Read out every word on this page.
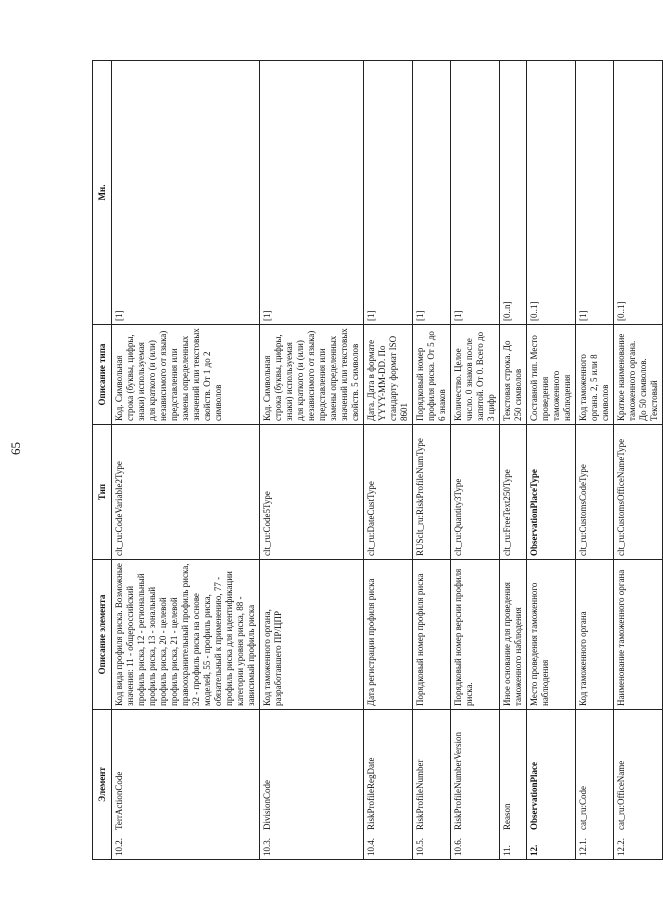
65
Элемент	Описание элемента	Тип	Описание типа	Мн.
10.2.TerrActionCode	Код вида профиля риска. Возможные значения: 11 - общероссийский профиль риска, 12 - региональный профиль риска, 13 - зональный профиль риска, 20 - целевой профиль риска, 21 - целевой правоохранительный профиль риска, 32 - профиль риска на основе моделей, 55 - профиль риска, обязательный к применению, 77 - профиль риска для идентификации категории уровня риска, 88 - зависимый профиль риска	clt_ru:CodeVariable2Type	Код. Символьная строка (буквы, цифры, знаки) используемая для краткого (и (или) независимого от языка) представления или замены определенных значений или текстовых свойств. От 1 до 2 символов	[1]
10.3.DivisionCode	Код таможенного органа, разработавшего ПР/ЦПР	clt_ru:Code5Type	Код. Символьная строка (буквы, цифры, знаки) используемая для краткого (и (или) независимого от языка) представления или замены определенных значений или текстовых свойств. 5 символов	[1]
10.4.RiskProfileRegDate	Дата регистрации профиля риска	clt_ru:DateCustType	Дата. Дата в формате YYYY-MM-DD. По стандарту формат ISO 8601	[1]
10.5.RiskProfileNumber	Порядковый номер профиля риска	RUSclt_ru:RiskProfileNumType	Порядковый номер профиля риска. От 5 до 6 знаков	[1]
10.6.RiskProfileNumberVersion	Порядковый номер версии профиля риска.	clt_ru:Quantity3Type	Количество. Целое число. 0 знаков после запятой. От 0. Всего до 3 цифр	[1]
11.Reason	Иное основание для проведения таможенного наблюдения	clt_ru:FreeText250Type	Текстовая строка. До 250 символов	[0..n]
12.ObservationPlace	Место проведения таможенного наблюдения	ObservationPlaceType	Составной тип. Место проведения таможенного наблюдения	[0..1]
12.1.cat_ru:Code	Код таможенного органа	clt_ru:CustomsCodeType	Код таможенного органа. 2, 5 или 8 символов	[1]
12.2.cat_ru:OfficeName	Наименование таможенного органа	clt_ru:CustomsOfficeNameType	Краткое наименование таможенного органа. До 50 символов. Текстовый	[0..1]
